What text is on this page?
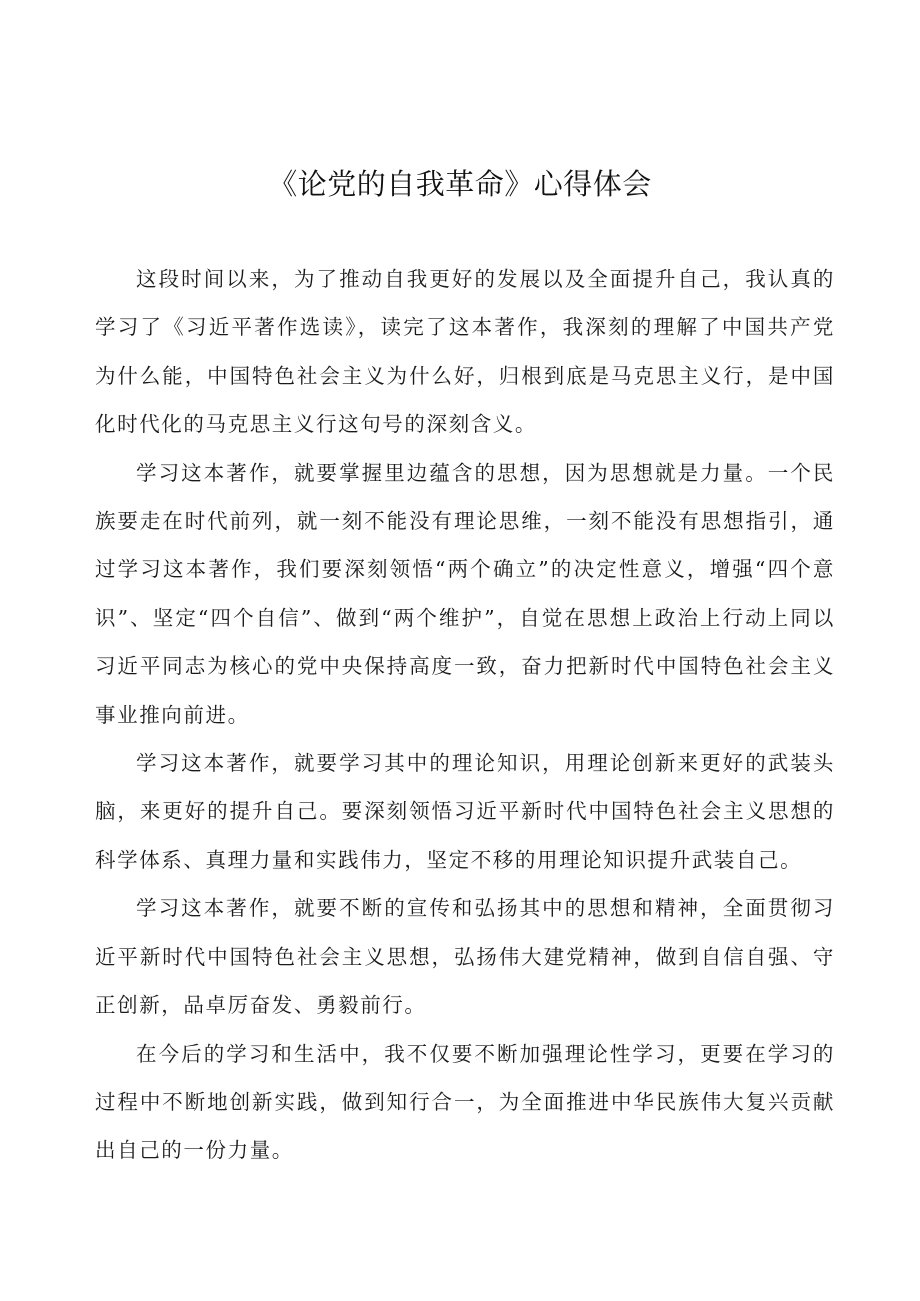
《论党的自我革命》心得体会

这段时间以来，为了推动自我更好的发展以及全面提升自己，我认真的学习了《习近平著作选读》，读完了这本著作，我深刻的理解了中国共产党为什么能，中国特色社会主义为什么好，归根到底是马克思主义行，是中国化时代化的马克思主义行这句号的深刻含义。

学习这本著作，就要掌握里边蕴含的思想，因为思想就是力量。一个民族要走在时代前列，就一刻不能没有理论思维，一刻不能没有思想指引，通过学习这本著作，我们要深刻领悟“两个确立”的决定性意义，增强“四个意识”、坚定“四个自信”、做到“两个维护”，自觉在思想上政治上行动上同以习近平同志为核心的党中央保持高度一致，奋力把新时代中国特色社会主义事业推向前进。

学习这本著作，就要学习其中的理论知识，用理论创新来更好的武装头脑，来更好的提升自己。要深刻领悟习近平新时代中国特色社会主义思想的科学体系、真理力量和实践伟力，坚定不移的用理论知识提升武装自己。

学习这本著作，就要不断的宣传和弘扬其中的思想和精神，全面贯彻习近平新时代中国特色社会主义思想，弘扬伟大建党精神，做到自信自强、守正创新，品卓厉奋发、勇毅前行。

在今后的学习和生活中，我不仅要不断加强理论性学习，更要在学习的过程中不断地创新实践，做到知行合一，为全面推进中华民族伟大复兴贡献出自己的一份力量。
